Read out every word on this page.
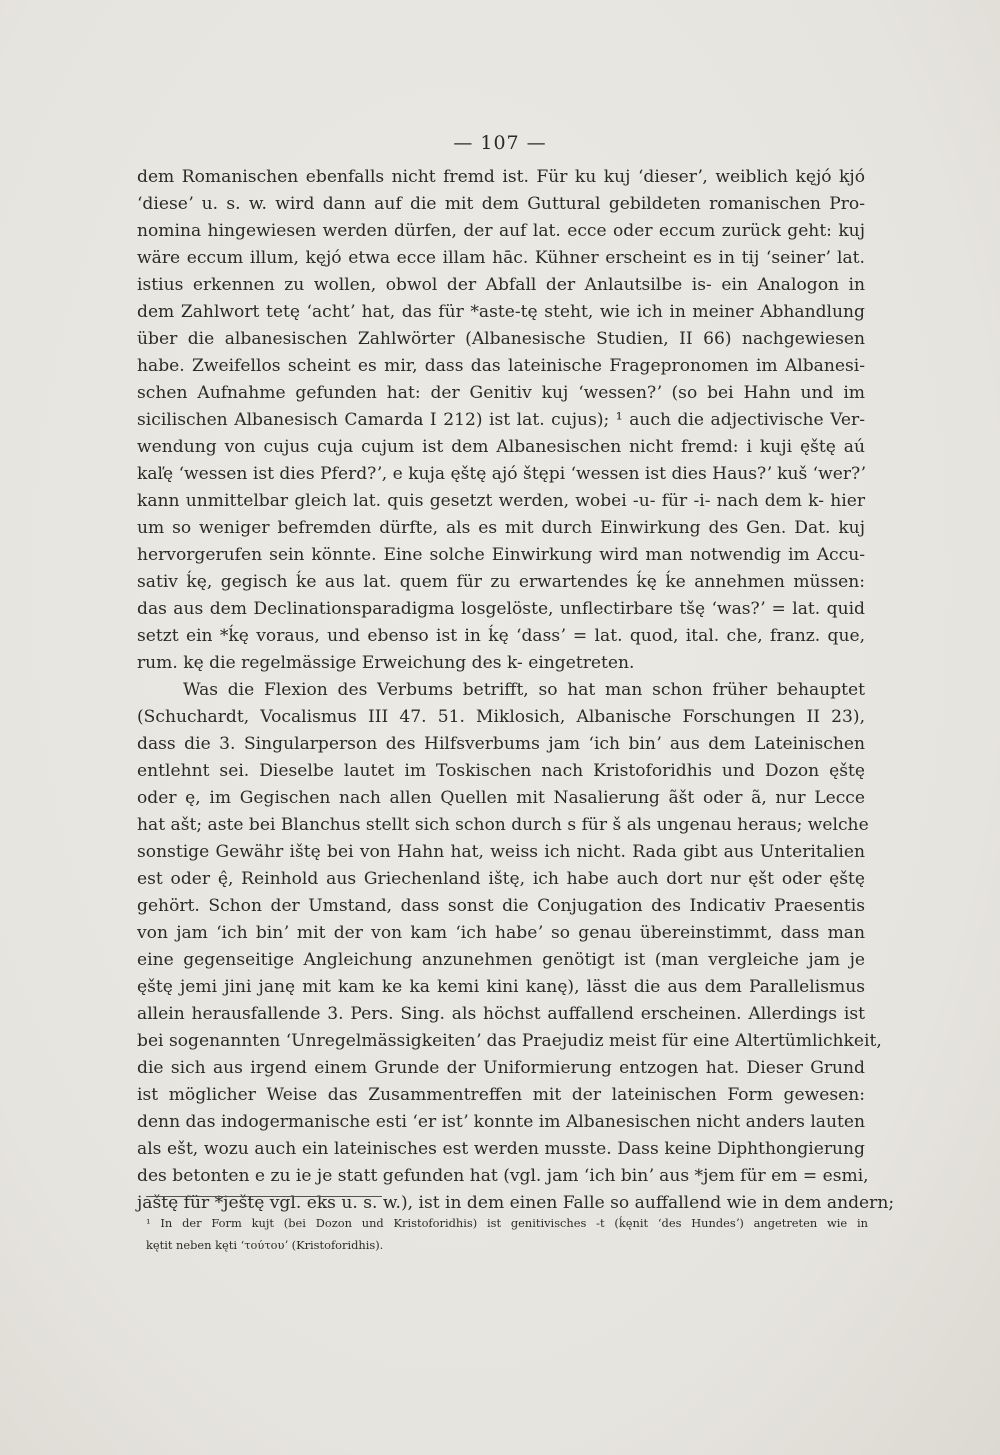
— 107 —
dem Romanischen ebenfalls nicht fremd ist. Für ku kuj ʻdieserʼ, weiblich kęjó kjó
ʻdieseʼ u. s. w. wird dann auf die mit dem Guttural gebildeten romanischen Pro-
nomina hingewiesen werden dürfen, der auf lat. ecce oder eccum zurück geht: kuj
wäre eccum illum, kęjó etwa ecce illam hāc. Kühner erscheint es in tij ʻseinerʼ lat.
istius erkennen zu wollen, obwol der Abfall der Anlautsilbe is- ein Analogon in
dem Zahlwort tetę ʻachtʼ hat, das für *aste-tę steht, wie ich in meiner Abhandlung
über die albanesischen Zahlwörter (Albanesische Studien, II 66) nachgewiesen
habe. Zweifellos scheint es mir, dass das lateinische Fragepronomen im Albanesi-
schen Aufnahme gefunden hat: der Genitiv kuj ʻwessen?ʼ (so bei Hahn und im
sicilischen Albanesisch Camarda I 212) ist lat. cujus); ¹ auch die adjectivische Ver-
wendung von cujus cuja cujum ist dem Albanesischen nicht fremd: i kuji ęštę aú
kaľę ʻwessen ist dies Pferd?ʼ, e kuja ęštę ajó štępi ʻwessen ist dies Haus?ʼ kuš ʻwer?ʼ
kann unmittelbar gleich lat. quis gesetzt werden, wobei -u- für -i- nach dem k- hier
um so weniger befremden dürfte, als es mit durch Einwirkung des Gen. Dat. kuj
hervorgerufen sein könnte. Eine solche Einwirkung wird man notwendig im Accu-
sativ ḱę, gegisch ḱe aus lat. quem für zu erwartendes ḱę ḱe annehmen müssen:
das aus dem Declinationsparadigma losgelöste, unflectirbare tšę ʻwas?ʼ = lat. quid
setzt ein *ḱę voraus, und ebenso ist in ḱę ʻdassʼ = lat. quod, ital. che, franz. que,
rum. kę die regelmässige Erweichung des k- eingetreten.
Was die Flexion des Verbums betrifft, so hat man schon früher behauptet
(Schuchardt, Vocalismus III 47. 51. Miklosich, Albanische Forschungen II 23),
dass die 3. Singularperson des Hilfsverbums jam ʻich binʼ aus dem Lateinischen
entlehnt sei. Dieselbe lautet im Toskischen nach Kristoforidhis und Dozon ęštę
oder ę, im Gegischen nach allen Quellen mit Nasalierung ãšt oder ã, nur Lecce
hat ašt; aste bei Blanchus stellt sich schon durch s für š als ungenau heraus; welche
sonstige Gewähr ištę bei von Hahn hat, weiss ich nicht. Rada gibt aus Unteritalien
est oder ę̂, Reinhold aus Griechenland ištę, ich habe auch dort nur ęšt oder ęštę
gehört. Schon der Umstand, dass sonst die Conjugation des Indicativ Praesentis
von jam ʻich binʼ mit der von kam ʻich habeʼ so genau übereinstimmt, dass man
eine gegenseitige Angleichung anzunehmen genötigt ist (man vergleiche jam je
ęštę jemi jini janę mit kam ke ka kemi kini kanę), lässt die aus dem Parallelismus
allein herausfallende 3. Pers. Sing. als höchst auffallend erscheinen. Allerdings ist
bei sogenannten ʻUnregelmässigkeitenʼ das Praejudiz meist für eine Altertümlichkeit,
die sich aus irgend einem Grunde der Uniformierung entzogen hat. Dieser Grund
ist möglicher Weise das Zusammentreffen mit der lateinischen Form gewesen:
denn das indogermanische esti ʻer istʼ konnte im Albanesischen nicht anders lauten
als ešt, wozu auch ein lateinisches est werden musste. Dass keine Diphthongierung
des betonten e zu ie je statt gefunden hat (vgl. jam ʻich binʼ aus *jem für em = esmi,
jaštę für *ještę vgl. eks u. s. w.), ist in dem einen Falle so auffallend wie in dem andern;
¹ In der Form kujt (bei Dozon und Kristoforidhis) ist genitivisches -t (ḱęnit ʻdes Hundesʼ) angetreten wie in
kętit neben kęti ʻτούτουʼ (Kristoforidhis).
